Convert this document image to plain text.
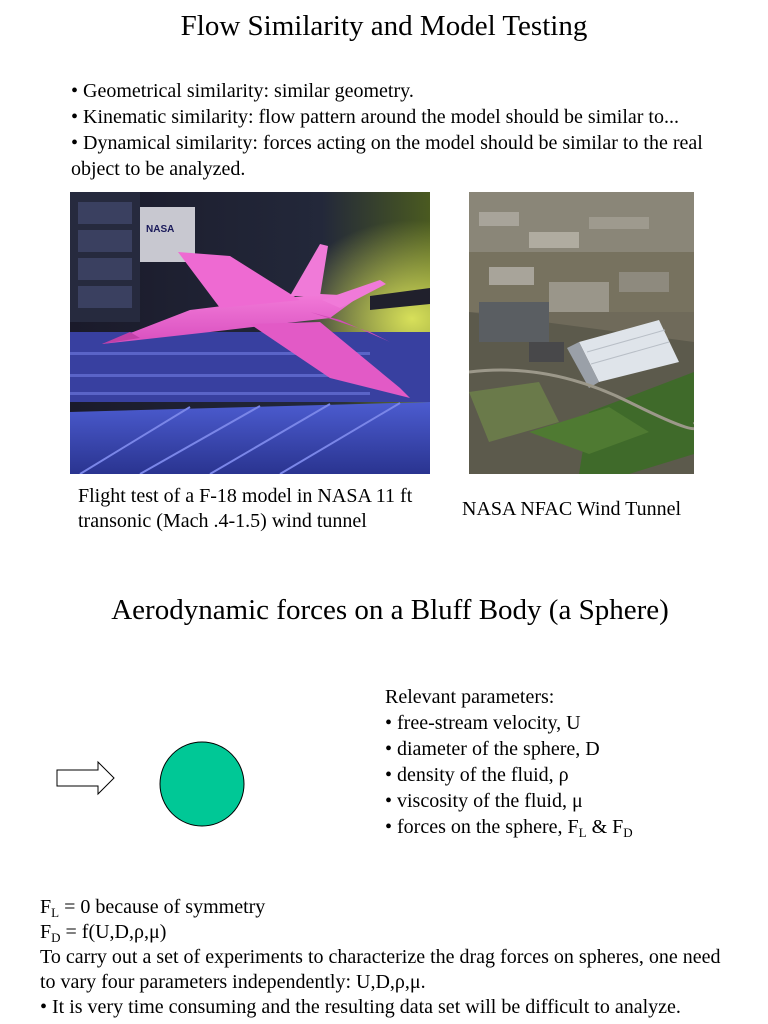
Flow Similarity and Model Testing

• Geometrical similarity: similar geometry.

• Kinematic similarity: flow pattern around the model should be similar to...

• Dynamical similarity: forces acting on the model should be similar to the real object to be analyzed.

NASA
Flight test of a F-18 model in NASA 11 ft transonic (Mach .4-1.5) wind tunnel
NASA NFAC Wind Tunnel
Aerodynamic forces on a Bluff Body (a Sphere)

Relevant parameters:

• free-stream velocity, U

• diameter of the sphere, D

• density of the fluid, ρ

• viscosity of the fluid, μ

• forces on the sphere, $F_L$ & $F_D$

$F_L = 0$ because of symmetry

$F_D = f(U,D,\rho,\mu)$

To carry out a set of experiments to characterize the drag forces on spheres, one need to vary four parameters independently: U,D,ρ,μ.

• It is very time consuming and the resulting data set will be difficult to analyze.
